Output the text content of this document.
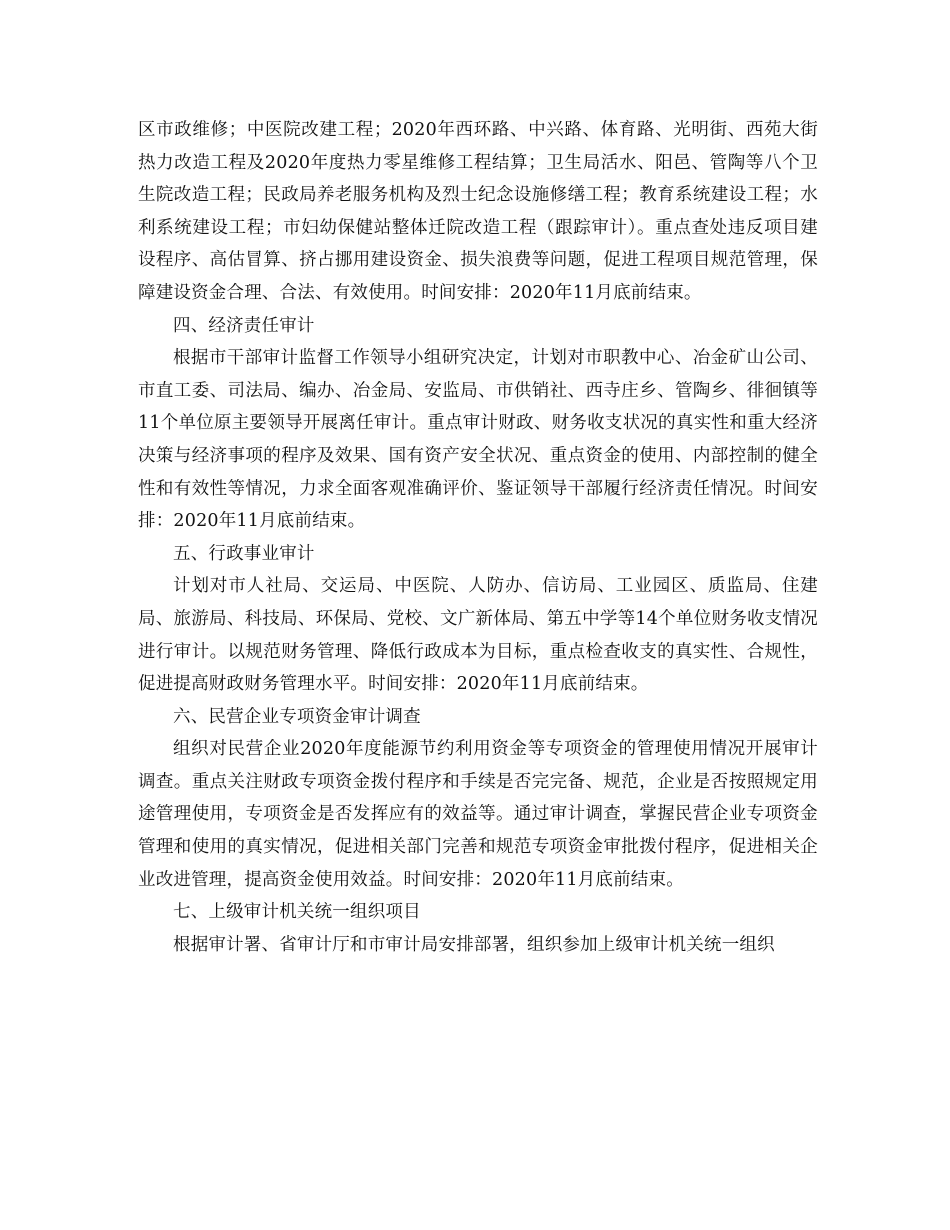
区市政维修；中医院改建工程；2020年西环路、中兴路、体育路、光明街、西苑大街热力改造工程及2020年度热力零星维修工程结算；卫生局活水、阳邑、管陶等八个卫生院改造工程；民政局养老服务机构及烈士纪念设施修缮工程；教育系统建设工程；水利系统建设工程；市妇幼保健站整体迁院改造工程（跟踪审计）。重点查处违反项目建设程序、高估冒算、挤占挪用建设资金、损失浪费等问题，促进工程项目规范管理，保障建设资金合理、合法、有效使用。时间安排：2020年11月底前结束。

四、经济责任审计

根据市干部审计监督工作领导小组研究决定，计划对市职教中心、冶金矿山公司、市直工委、司法局、编办、冶金局、安监局、市供销社、西寺庄乡、管陶乡、徘徊镇等11个单位原主要领导开展离任审计。重点审计财政、财务收支状况的真实性和重大经济决策与经济事项的程序及效果、国有资产安全状况、重点资金的使用、内部控制的健全性和有效性等情况，力求全面客观准确评价、鉴证领导干部履行经济责任情况。时间安排：2020年11月底前结束。

五、行政事业审计

计划对市人社局、交运局、中医院、人防办、信访局、工业园区、质监局、住建局、旅游局、科技局、环保局、党校、文广新体局、第五中学等14个单位财务收支情况进行审计。以规范财务管理、降低行政成本为目标，重点检查收支的真实性、合规性，促进提高财政财务管理水平。时间安排：2020年11月底前结束。

六、民营企业专项资金审计调查

组织对民营企业2020年度能源节约利用资金等专项资金的管理使用情况开展审计调查。重点关注财政专项资金拨付程序和手续是否完完备、规范，企业是否按照规定用途管理使用，专项资金是否发挥应有的效益等。通过审计调查，掌握民营企业专项资金管理和使用的真实情况，促进相关部门完善和规范专项资金审批拨付程序，促进相关企业改进管理，提高资金使用效益。时间安排：2020年11月底前结束。

七、上级审计机关统一组织项目

根据审计署、省审计厅和市审计局安排部署，组织参加上级审计机关统一组织
